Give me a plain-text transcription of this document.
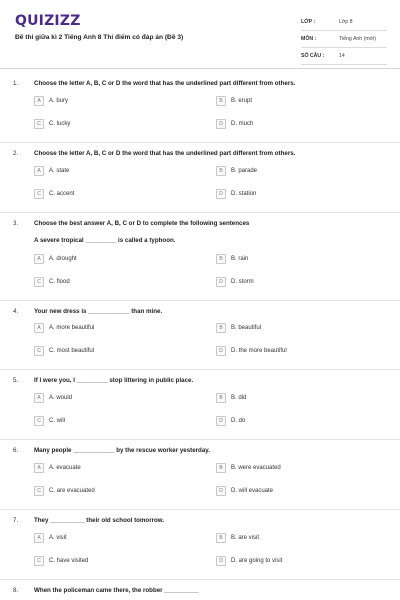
QUIZIZZ
Đề thi giữa kì 2 Tiếng Anh 8 Thí điểm có đáp án (Đề 3)
LỚP :	Lớp 8
MÔN :	Tiếng Anh (mới)
SỐ CÂU :	14
1.	Choose the letter A, B, C or D the word that has the underlined part different from others.
A	A. bury	B	B. erupt
C	C. lucky	D	D. much
2.	Choose the letter A, B, C or D the word that has the underlined part different from others.
A	A. state	B	B. parade
C	C. accent	D	D. station
3.	Choose the best answer A, B, C or D to complete the following sentences
A severe tropical _________ is called a typhoon.
A	A. drought	B	B. rain
C	C. flood	D	D. storm
4.	Your new dress is ____________ than mine.
A	A. more beautiful	B	B. beautiful
C	C. most beautiful	D	D. the more beautiful
5.	If I were you, I _________ stop littering in public place.
A	A. would	B	B. did
C	C. will	D	D. do
6.	Many people ____________ by the rescue worker yesterday.
A	A. evacuate	B	B. were evacuated
C	C. are evacuated	D	D. will evacuate
7.	They __________ their old school tomorrow.
A	A. visit	B	B. are visit
C	C. have visited	D	D. are going to visit
8.	When the policeman came there, the robber __________
